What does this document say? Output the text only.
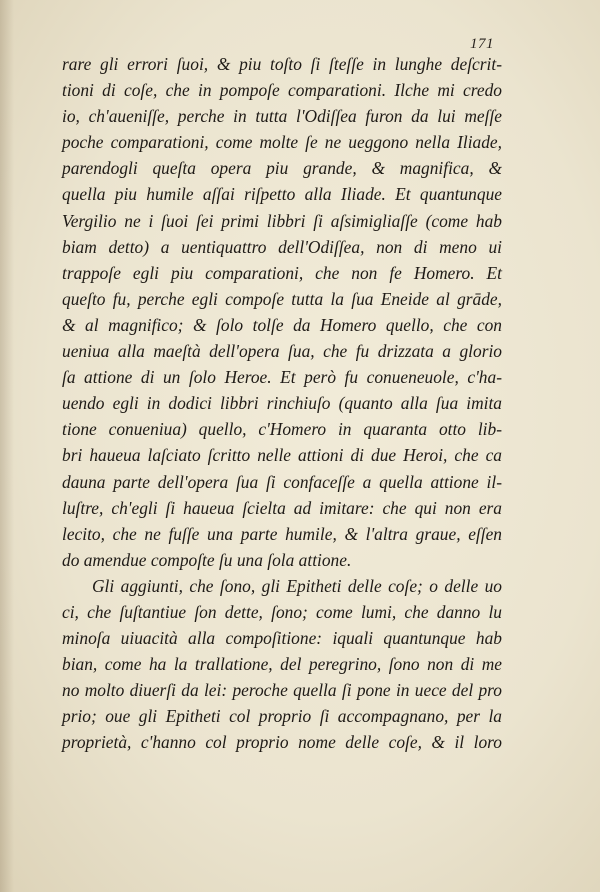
171
rare gli errori ſuoi, & piu toſto ſi ſteſſe in lunghe deſcrit-
tioni di coſe, che in pompoſe comparationi. Ilche mi credo
io, ch'aueniſſe, perche in tutta l'Odiſſea furon da lui meſſe
poche comparationi, come molte ſe ne ueggono nella Iliade,
parendogli queſta opera piu grande, & magnifica, &
quella piu humile aſſai riſpetto alla Iliade. Et quantunque
Vergilio ne i ſuoi ſei primi libbri ſi aſsimigliaſſe (come hab
biam detto) a uentiquattro dell'Odiſſea, non di meno ui
trappoſe egli piu comparationi, che non fe Homero. Et
queſto fu, perche egli compoſe tutta la ſua Eneide al grāde,
& al magnifico; & ſolo tolſe da Homero quello, che con
ueniua alla maeſtà dell'opera ſua, che fu drizzata a glorio
ſa attione di un ſolo Heroe. Et però fu conueneuole, c'ha-
uendo egli in dodici libbri rinchiuſo (quanto alla ſua imita
tione conueniua) quello, c'Homero in quaranta otto lib-
bri haueua laſciato ſcritto nelle attioni di due Heroi, che ca
dauna parte dell'opera ſua ſi confaceſſe a quella attione il-
luſtre, ch'egli ſi haueua ſcielta ad imitare: che qui non era
lecito, che ne fuſſe una parte humile, & l'altra graue, eſſen
do amendue compoſte ſu una ſola attione.
Gli aggiunti, che ſono, gli Epitheti delle coſe; o delle uo
ci, che ſuſtantiue ſon dette, ſono; come lumi, che danno lu
minoſa uiuacità alla compoſitione: iquali quantunque hab
bian, come ha la trallatione, del peregrino, ſono non di me
no molto diuerſi da lei: peroche quella ſi pone in uece del pro
prio; oue gli Epitheti col proprio ſi accompagnano, per la
proprietà, c'hanno col proprio nome delle coſe, & il loro
